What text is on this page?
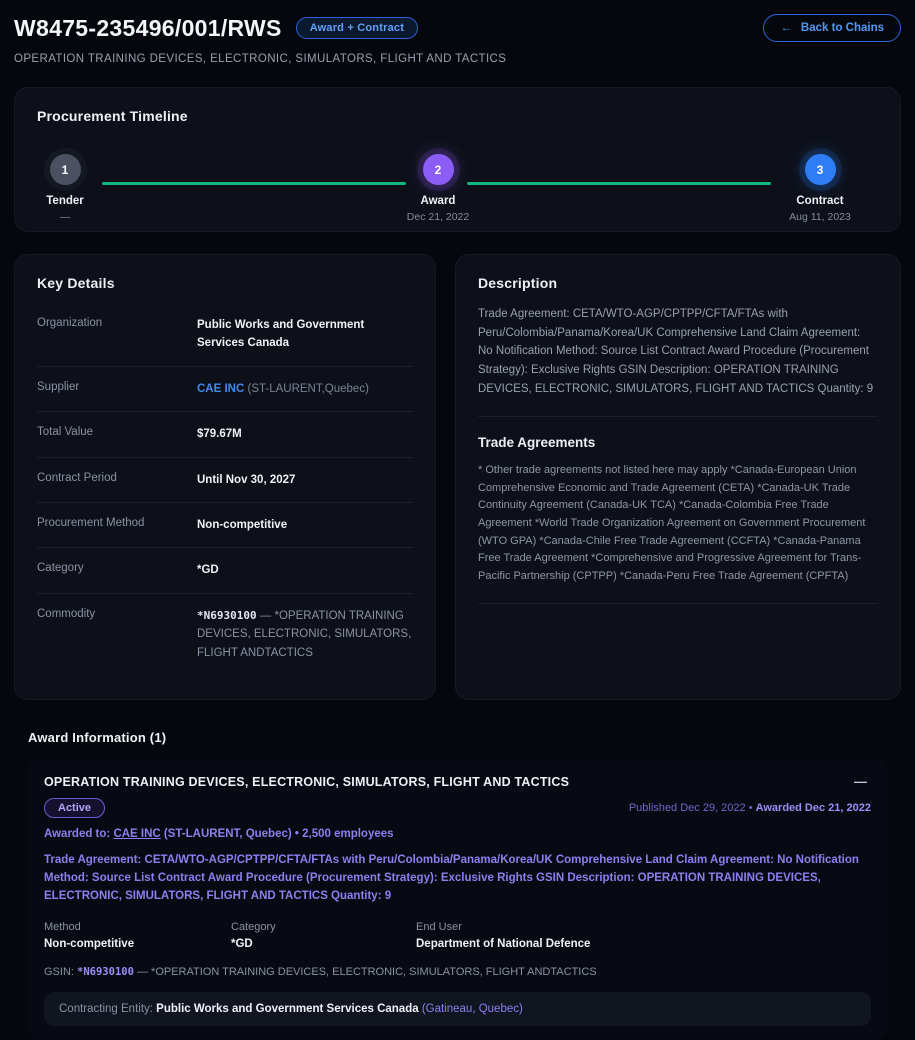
W8475-235496/001/RWS	Award + Contract	← Back to Chains
OPERATION TRAINING DEVICES, ELECTRONIC, SIMULATORS, FLIGHT AND TACTICS
Procurement Timeline
1
Tender
—
2
Award
Dec 21, 2022
3
Contract
Aug 11, 2023
Key Details
Organization	Public Works and Government Services Canada
Supplier	CAE INC (ST-LAURENT,Quebec)
Total Value	$79.67M
Contract Period	Until Nov 30, 2027
Procurement Method	Non-competitive
Category	*GD
Commodity	*N6930100 — *OPERATION TRAINING DEVICES, ELECTRONIC, SIMULATORS, FLIGHT ANDTACTICS
Description
Trade Agreement: CETA/WTO-AGP/CPTPP/CFTA/FTAs with Peru/Colombia/Panama/Korea/UK Comprehensive Land Claim Agreement: No Notification Method: Source List Contract Award Procedure (Procurement Strategy): Exclusive Rights GSIN Description: OPERATION TRAINING DEVICES, ELECTRONIC, SIMULATORS, FLIGHT AND TACTICS Quantity: 9
Trade Agreements
* Other trade agreements not listed here may apply *Canada-European Union Comprehensive Economic and Trade Agreement (CETA) *Canada-UK Trade Continuity Agreement (Canada-UK TCA) *Canada-Colombia Free Trade Agreement *World Trade Organization Agreement on Government Procurement (WTO GPA) *Canada-Chile Free Trade Agreement (CCFTA) *Canada-Panama Free Trade Agreement *Comprehensive and Progressive Agreement for Trans-Pacific Partnership (CPTPP) *Canada-Peru Free Trade Agreement (CPFTA)
Award Information (1)
OPERATION TRAINING DEVICES, ELECTRONIC, SIMULATORS, FLIGHT AND TACTICS	—
Active	Published Dec 29, 2022 • Awarded Dec 21, 2022
Awarded to: CAE INC (ST-LAURENT, Quebec) • 2,500 employees
Trade Agreement: CETA/WTO-AGP/CPTPP/CFTA/FTAs with Peru/Colombia/Panama/Korea/UK Comprehensive Land Claim Agreement: No Notification Method: Source List Contract Award Procedure (Procurement Strategy): Exclusive Rights GSIN Description: OPERATION TRAINING DEVICES, ELECTRONIC, SIMULATORS, FLIGHT AND TACTICS Quantity: 9
Method
Non-competitive
Category
*GD
End User
Department of National Defence
GSIN: *N6930100 — *OPERATION TRAINING DEVICES, ELECTRONIC, SIMULATORS, FLIGHT ANDTACTICS
Contracting Entity: Public Works and Government Services Canada (Gatineau, Quebec)
